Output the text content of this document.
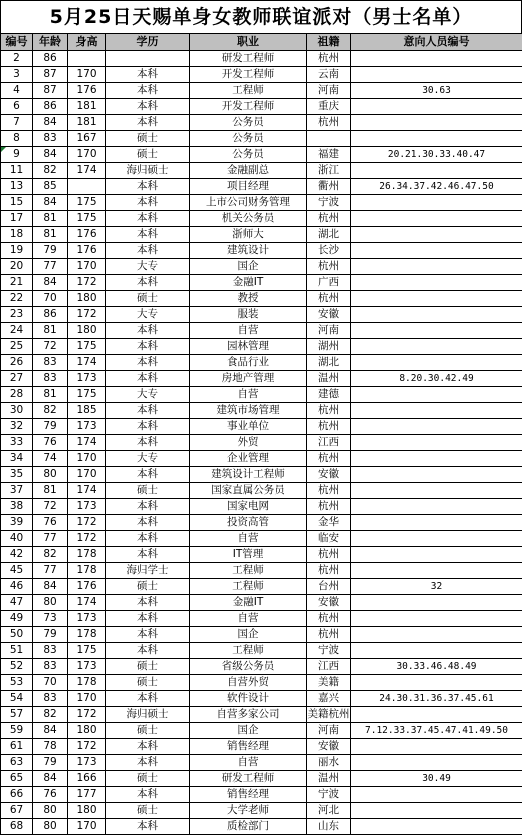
5月25日天赐单身女教师联谊派对（男士名单）
编号	年龄	身高	学历	职业	祖籍	意向人员编号
2	86			研发工程师	杭州	
3	87	170	本科	开发工程师	云南	
4	87	176	本科	工程师	河南	30.63
6	86	181	本科	开发工程师	重庆	
7	84	181	本科	公务员	杭州	
8	83	167	硕士	公务员		
9	84	170	硕士	公务员	福建	20.21.30.33.40.47
11	82	174	海归硕士	金融副总	浙江	
13	85		本科	项目经理	衢州	26.34.37.42.46.47.50
15	84	175	本科	上市公司财务管理	宁波	
17	81	175	本科	机关公务员	杭州	
18	81	176	本科	浙师大	湖北	
19	79	176	本科	建筑设计	长沙	
20	77	170	大专	国企	杭州	
21	84	172	本科	金融IT	广西	
22	70	180	硕士	教授	杭州	
23	86	172	大专	服装	安徽	
24	81	180	本科	自营	河南	
25	72	175	本科	园林管理	湖州	
26	83	174	本科	食品行业	湖北	
27	83	173	本科	房地产管理	温州	8.20.30.42.49
28	81	175	大专	自营	建德	
30	82	185	本科	建筑市场管理	杭州	
32	79	173	本科	事业单位	杭州	
33	76	174	本科	外贸	江西	
34	74	170	大专	企业管理	杭州	
35	80	170	本科	建筑设计工程师	安徽	
37	81	174	硕士	国家直属公务员	杭州	
38	72	173	本科	国家电网	杭州	
39	76	172	本科	投资高管	金华	
40	77	172	本科	自营	临安	
42	82	178	本科	IT管理	杭州	
45	77	178	海归学士	工程师	杭州	
46	84	176	硕士	工程师	台州	32
47	80	174	本科	金融IT	安徽	
49	73	173	本科	自营	杭州	
50	79	178	本科	国企	杭州	
51	83	175	本科	工程师	宁波	
52	83	173	硕士	省级公务员	江西	30.33.46.48.49
53	70	178	硕士	自营外贸	美籍	
54	83	170	本科	软件设计	嘉兴	24.30.31.36.37.45.61
57	82	172	海归硕士	自营多家公司	美籍杭州	
59	84	180	硕士	国企	河南	7.12.33.37.45.47.41.49.50
61	78	172	本科	销售经理	安徽	
63	79	173	本科	自营	丽水	
65	84	166	硕士	研发工程师	温州	30.49
66	76	177	本科	销售经理	宁波	
67	80	180	硕士	大学老师	河北	
68	80	170	本科	质检部门	山东	
